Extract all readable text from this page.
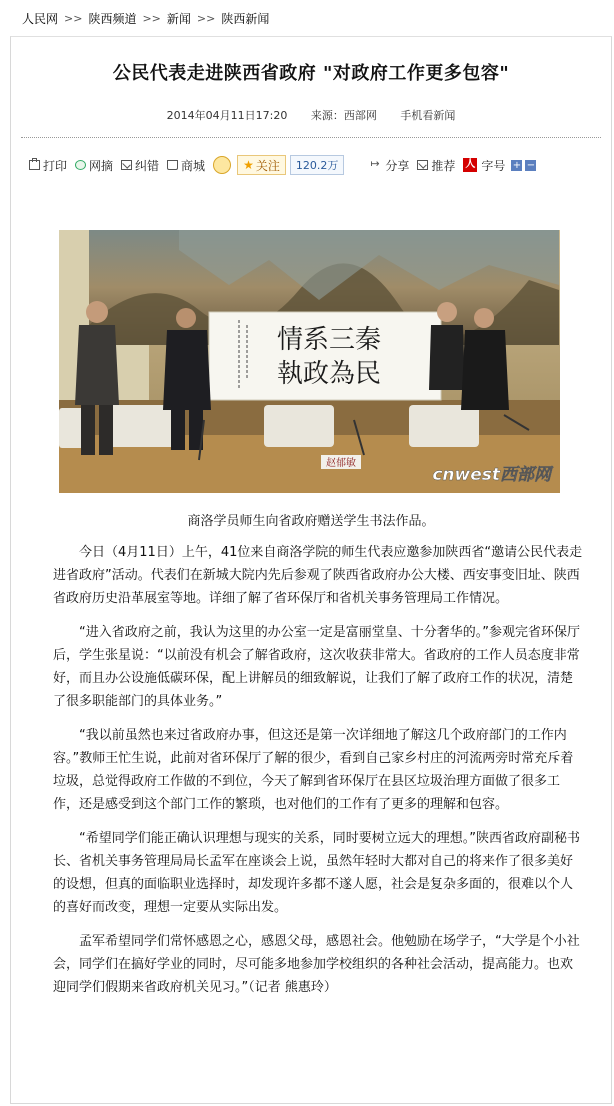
人民网 >> 陕西频道 >> 新闻 >> 陕西新闻
公民代表走进陕西省政府 "对政府工作更多包容"
2014年04月11日17:20 来源：西部网 手机看新闻
打印 网摘 纠错 商城	★ 关注	120.2万
↦	分享 推荐 人 字号 + −
情系三秦
執政為民
赵郁敏
cnwest西部网
商洛学员师生向省政府赠送学生书法作品。

今日（4月11日）上午，41位来自商洛学院的师生代表应邀参加陕西省“邀请公民代表走进省政府”活动。代表们在新城大院内先后参观了陕西省政府办公大楼、西安事变旧址、陕西省政府历史沿革展室等地。详细了解了省环保厅和省机关事务管理局工作情况。

“进入省政府之前，我认为这里的办公室一定是富丽堂皇、十分奢华的。”参观完省环保厅后，学生张星说：“以前没有机会了解省政府，这次收获非常大。省政府的工作人员态度非常好，而且办公设施低碳环保，配上讲解员的细致解说，让我们了解了政府工作的状况，清楚了很多职能部门的具体业务。”

“我以前虽然也来过省政府办事，但这还是第一次详细地了解这几个政府部门的工作内容。”教师王忙生说，此前对省环保厅了解的很少，看到自己家乡村庄的河流两旁时常充斥着垃圾，总觉得政府工作做的不到位，今天了解到省环保厅在县区垃圾治理方面做了很多工作，还是感受到这个部门工作的繁琐，也对他们的工作有了更多的理解和包容。

“希望同学们能正确认识理想与现实的关系，同时要树立远大的理想。”陕西省政府副秘书长、省机关事务管理局局长孟军在座谈会上说，虽然年轻时大都对自己的将来作了很多美好的设想，但真的面临职业选择时，却发现许多都不遂人愿，社会是复杂多面的，很难以个人的喜好而改变，理想一定要从实际出发。

孟军希望同学们常怀感恩之心，感恩父母，感恩社会。他勉励在场学子，“大学是个小社会，同学们在搞好学业的同时，尽可能多地参加学校组织的各种社会活动，提高能力。也欢迎同学们假期来省政府机关见习。”（记者 熊惠玲）
